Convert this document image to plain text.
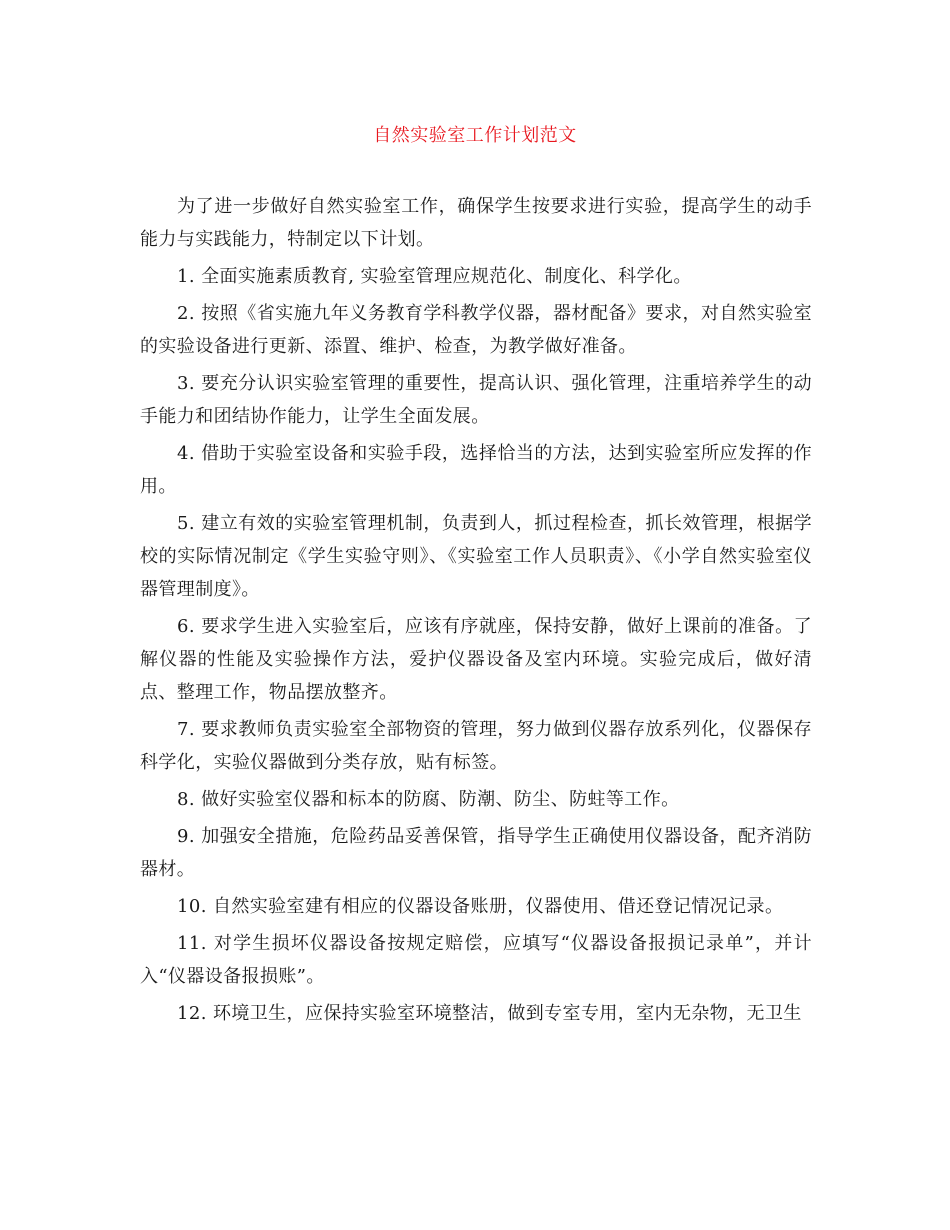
自然实验室工作计划范文

为了进一步做好自然实验室工作，确保学生按要求进行实验，提高学生的动手能力与实践能力，特制定以下计划。

1. 全面实施素质教育, 实验室管理应规范化、制度化、科学化。

2. 按照《省实施九年义务教育学科教学仪器，器材配备》要求，对自然实验室的实验设备进行更新、添置、维护、检查，为教学做好准备。

3. 要充分认识实验室管理的重要性，提高认识、强化管理，注重培养学生的动手能力和团结协作能力，让学生全面发展。

4. 借助于实验室设备和实验手段，选择恰当的方法，达到实验室所应发挥的作用。

5. 建立有效的实验室管理机制，负责到人，抓过程检查，抓长效管理，根据学校的实际情况制定《学生实验守则》、《实验室工作人员职责》、《小学自然实验室仪器管理制度》。

6. 要求学生进入实验室后，应该有序就座，保持安静，做好上课前的准备。了解仪器的性能及实验操作方法，爱护仪器设备及室内环境。实验完成后，做好清点、整理工作，物品摆放整齐。

7. 要求教师负责实验室全部物资的管理，努力做到仪器存放系列化，仪器保存科学化，实验仪器做到分类存放，贴有标签。

8. 做好实验室仪器和标本的防腐、防潮、防尘、防蛀等工作。

9. 加强安全措施，危险药品妥善保管，指导学生正确使用仪器设备，配齐消防器材。

10. 自然实验室建有相应的仪器设备账册，仪器使用、借还登记情况记录。

11. 对学生损坏仪器设备按规定赔偿，应填写“仪器设备报损记录单”，并计入“仪器设备报损账”。

12. 环境卫生，应保持实验室环境整洁，做到专室专用，室内无杂物，无卫生
